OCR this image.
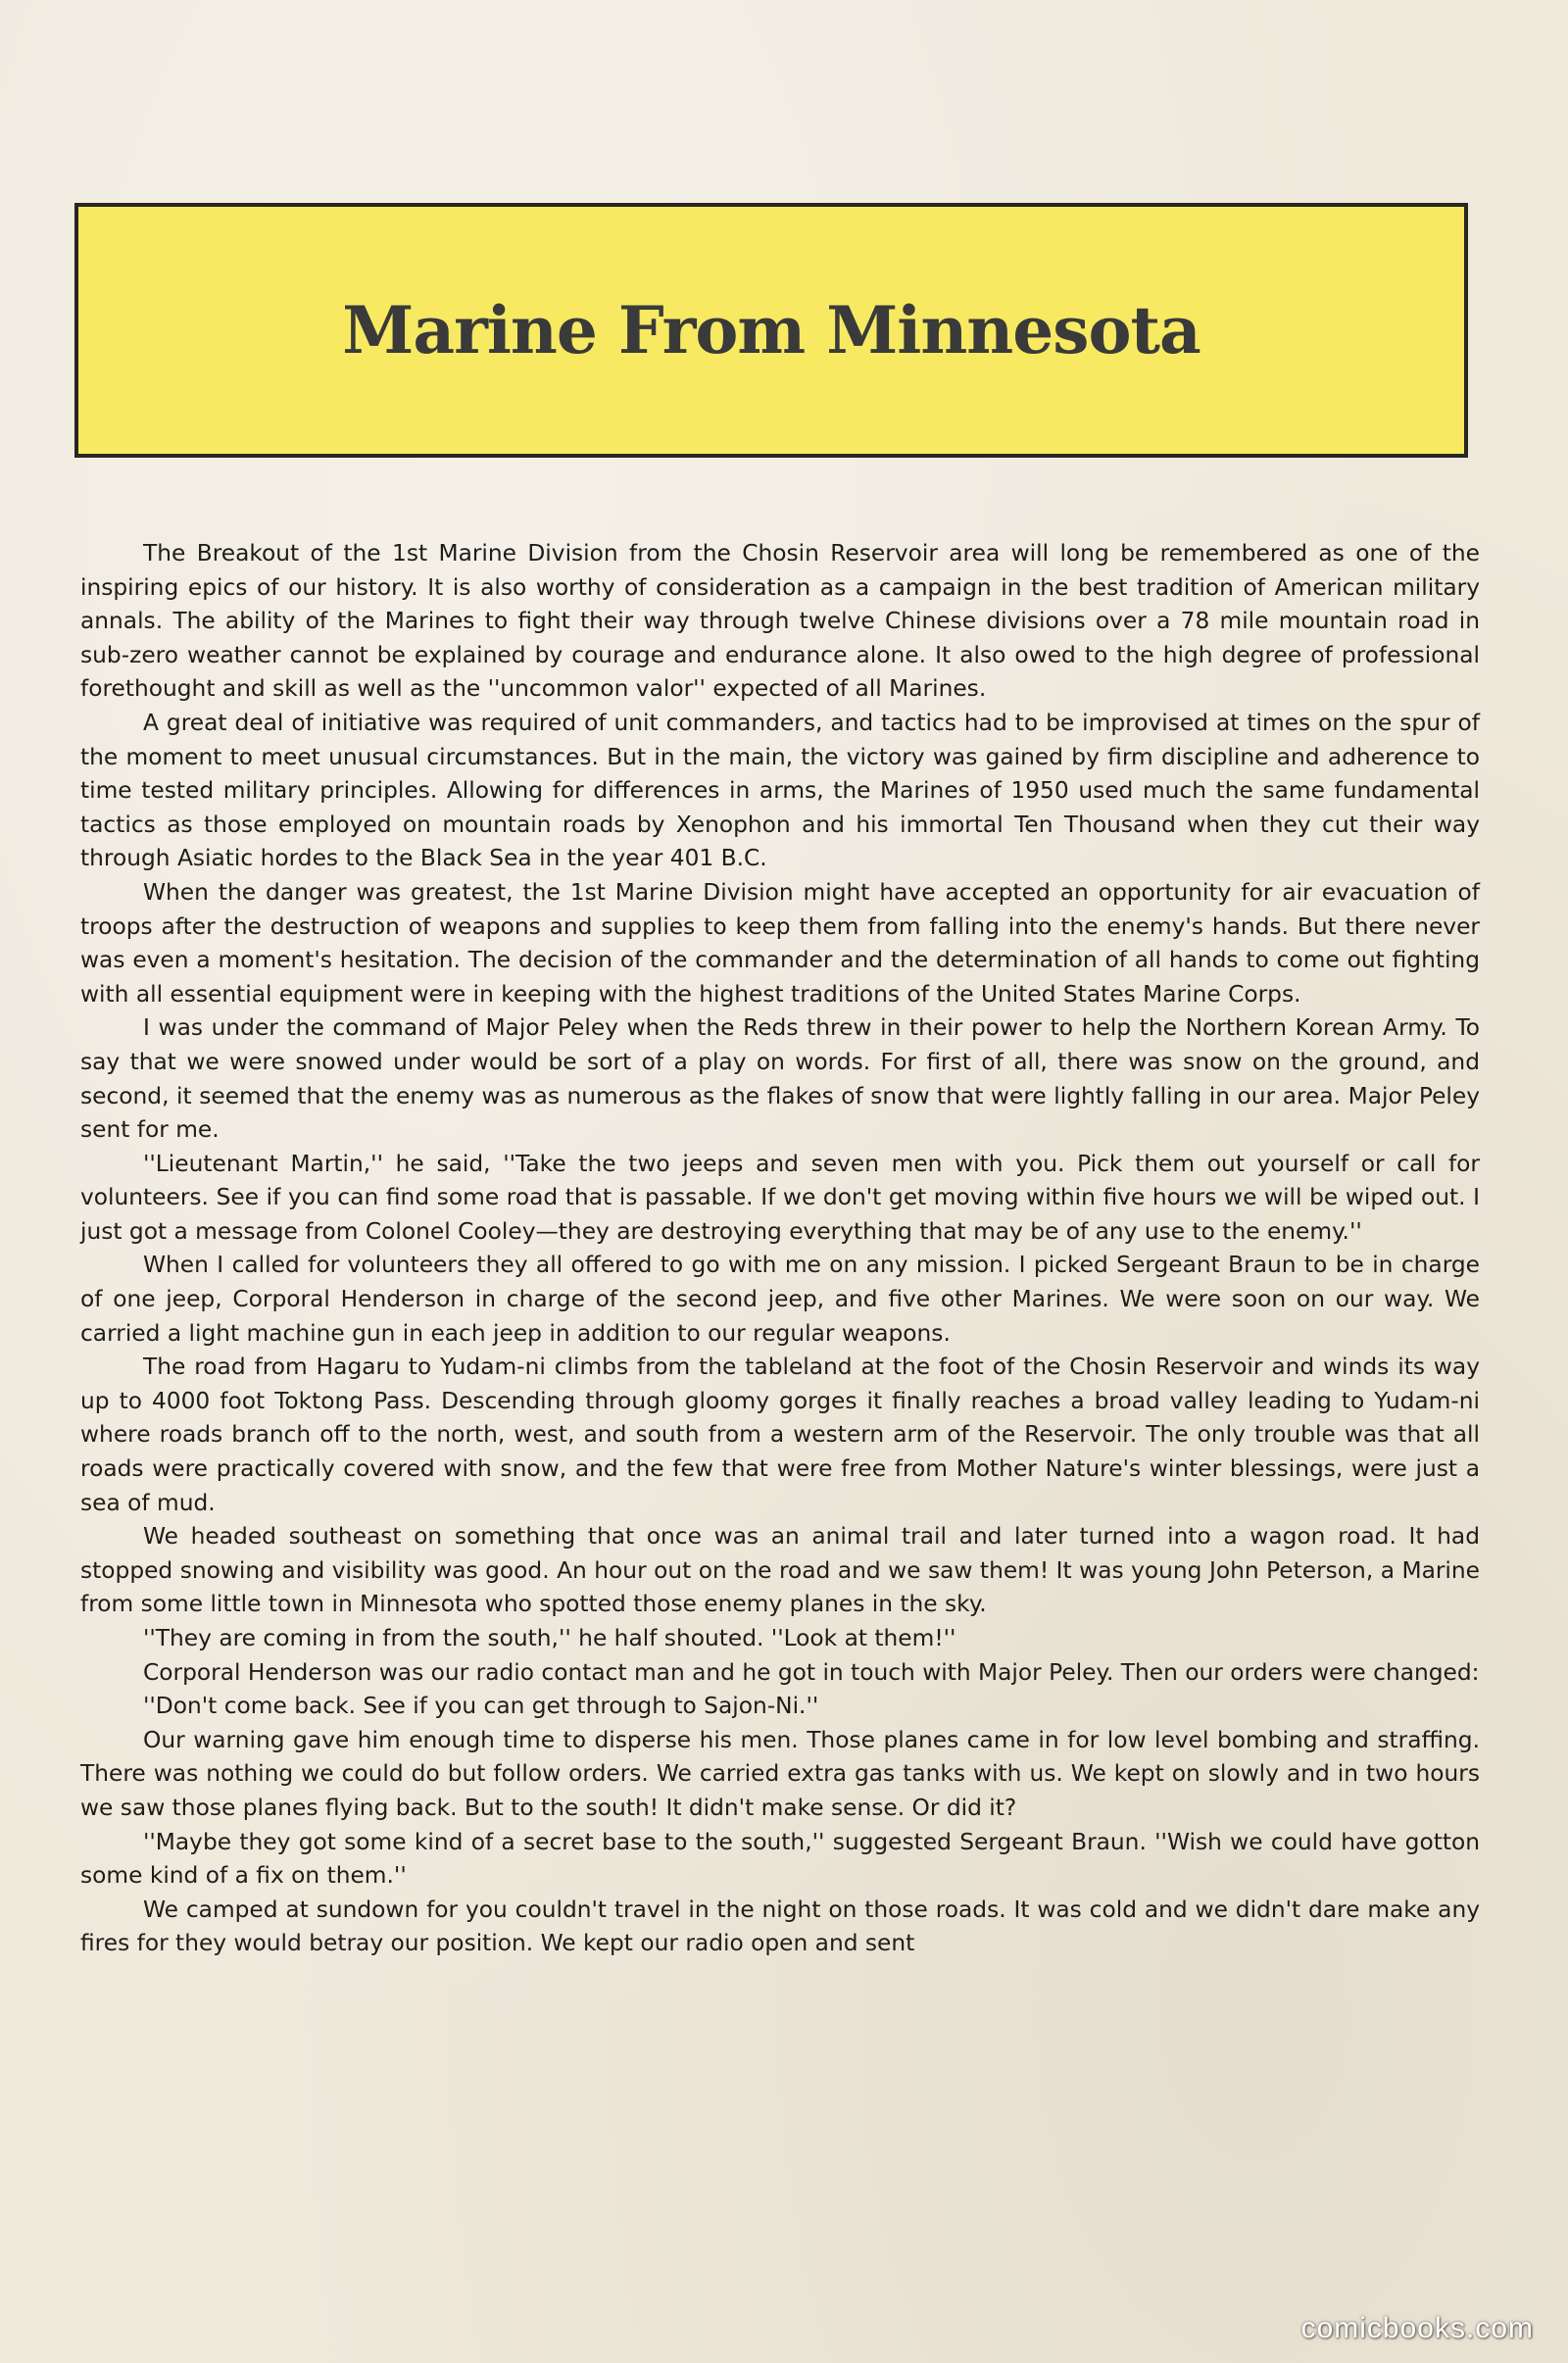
Marine From Minnesota

The Breakout of the 1st Marine Division from the Chosin Reservoir area will long be remembered as one of the inspiring epics of our history. It is also worthy of consideration as a campaign in the best tradition of American military annals. The ability of the Marines to fight their way through twelve Chinese divisions over a 78 mile mountain road in sub-zero weather cannot be explained by courage and endurance alone. It also owed to the high degree of professional forethought and skill as well as the ''uncommon valor'' expected of all Marines.

A great deal of initiative was required of unit commanders, and tactics had to be improvised at times on the spur of the moment to meet unusual circumstances. But in the main, the victory was gained by firm discipline and adherence to time tested military principles. Allowing for differences in arms, the Marines of 1950 used much the same fundamental tactics as those employed on mountain roads by Xenophon and his immortal Ten Thousand when they cut their way through Asiatic hordes to the Black Sea in the year 401 B.C.

When the danger was greatest, the 1st Marine Division might have accepted an opportunity for air evacuation of troops after the destruction of weapons and supplies to keep them from falling into the enemy's hands. But there never was even a moment's hesitation. The decision of the commander and the determination of all hands to come out fighting with all essential equipment were in keeping with the highest traditions of the United States Marine Corps.

I was under the command of Major Peley when the Reds threw in their power to help the Northern Korean Army. To say that we were snowed under would be sort of a play on words. For first of all, there was snow on the ground, and second, it seemed that the enemy was as numerous as the flakes of snow that were lightly falling in our area. Major Peley sent for me.

''Lieutenant Martin,'' he said, ''Take the two jeeps and seven men with you. Pick them out yourself or call for volunteers. See if you can find some road that is passable. If we don't get moving within five hours we will be wiped out. I just got a message from Colonel Cooley—they are destroying everything that may be of any use to the enemy.''

When I called for volunteers they all offered to go with me on any mission. I picked Sergeant Braun to be in charge of one jeep, Corporal Henderson in charge of the second jeep, and five other Marines. We were soon on our way. We carried a light machine gun in each jeep in addition to our regular weapons.

The road from Hagaru to Yudam-ni climbs from the tableland at the foot of the Chosin Reservoir and winds its way up to 4000 foot Toktong Pass. Descending through gloomy gorges it finally reaches a broad valley leading to Yudam-ni where roads branch off to the north, west, and south from a western arm of the Reservoir. The only trouble was that all roads were practically covered with snow, and the few that were free from Mother Nature's winter blessings, were just a sea of mud.

We headed southeast on something that once was an animal trail and later turned into a wagon road. It had stopped snowing and visibility was good. An hour out on the road and we saw them! It was young John Peterson, a Marine from some little town in Minnesota who spotted those enemy planes in the sky.

''They are coming in from the south,'' he half shouted. ''Look at them!''

Corporal Henderson was our radio contact man and he got in touch with Major Peley. Then our orders were changed:

''Don't come back. See if you can get through to Sajon-Ni.''

Our warning gave him enough time to disperse his men. Those planes came in for low level bombing and straffing. There was nothing we could do but follow orders. We carried extra gas tanks with us. We kept on slowly and in two hours we saw those planes flying back. But to the south! It didn't make sense. Or did it?

''Maybe they got some kind of a secret base to the south,'' suggested Sergeant Braun. ''Wish we could have gotton some kind of a fix on them.''

We camped at sundown for you couldn't travel in the night on those roads. It was cold and we didn't dare make any fires for they would betray our position. We kept our radio open and sent

comicbooks.com
